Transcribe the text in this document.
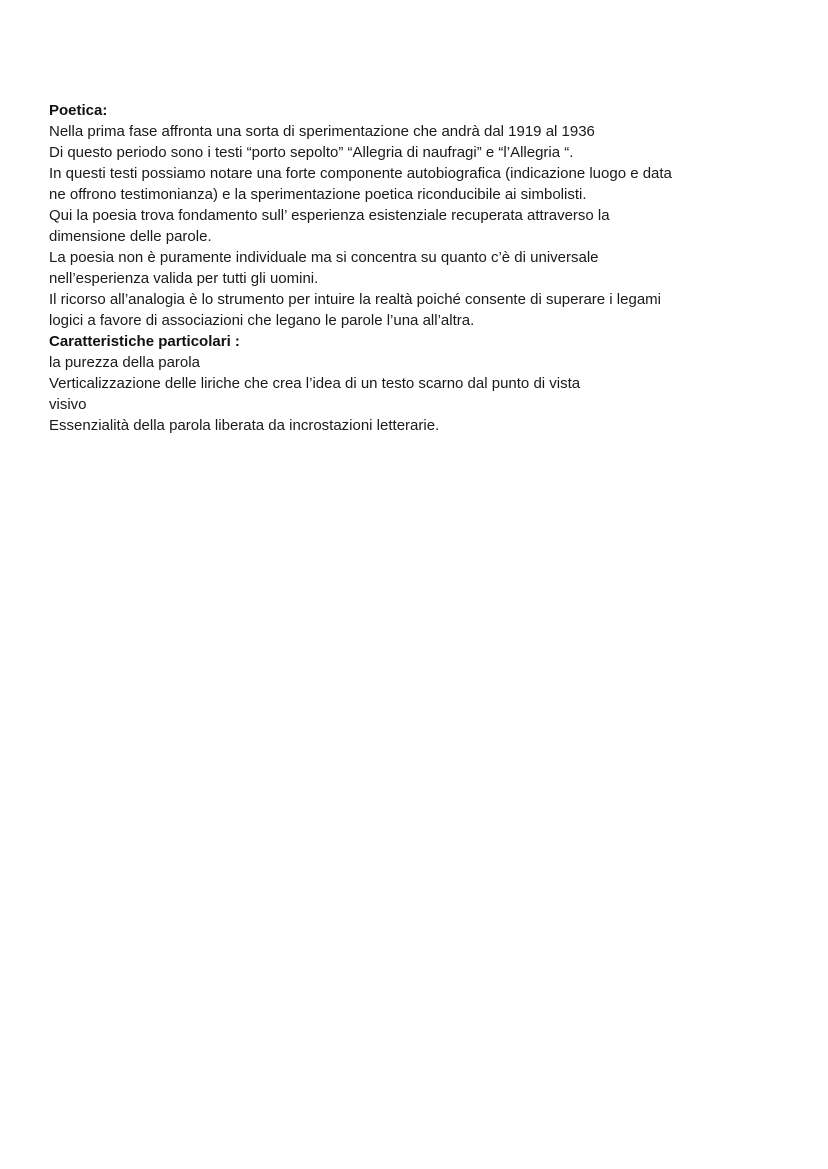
Poetica:
Nella prima fase affronta una sorta di sperimentazione che andrà dal 1919 al 1936
Di questo periodo sono i testi “porto sepolto” “Allegria di naufragi” e “l’Allegria “.
In questi testi possiamo notare una forte componente autobiografica (indicazione luogo e data
ne offrono testimonianza) e la sperimentazione poetica riconducibile ai simbolisti.
Qui la poesia trova fondamento sull’ esperienza esistenziale recuperata attraverso la
dimensione delle parole.
La poesia non è puramente individuale ma si concentra su quanto c’è di universale
nell’esperienza valida per tutti gli uomini.
Il ricorso all’analogia è lo strumento per intuire la realtà poiché consente di superare i legami
logici a favore di associazioni che legano le parole l’una all’altra.
Caratteristiche particolari :
la purezza della parola
Verticalizzazione delle liriche che crea l’idea di un testo scarno dal punto di vista
visivo
Essenzialità della parola liberata da incrostazioni letterarie.
